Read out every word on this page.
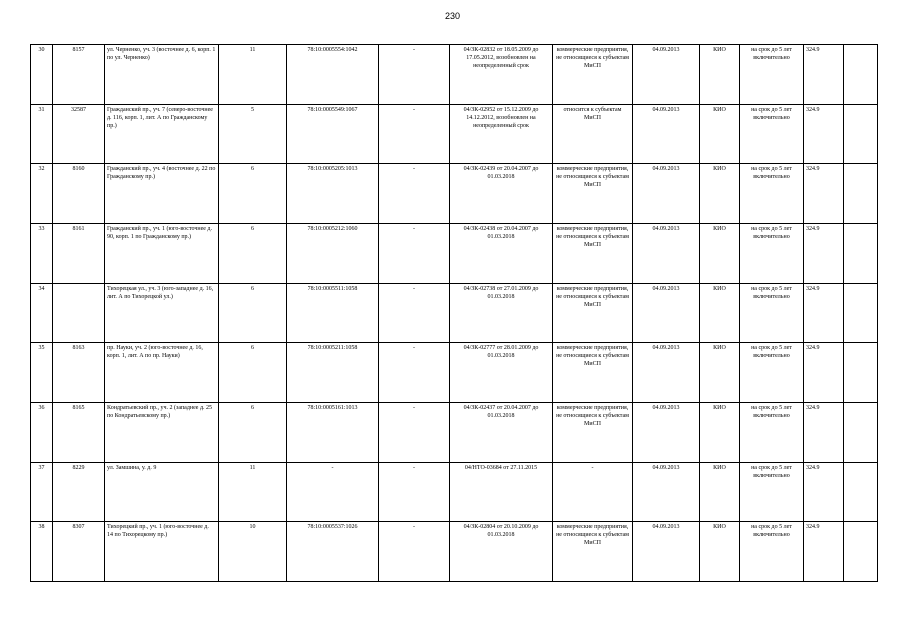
230
30	8157	ул. Черненко, уч. 3 (восточнее д. 6, корп. 1 по ул. Черненко)	11	78:10:0005554:1042	-	04/ЗК-02832 от 18.05.2009 до 17.05.2012, возобновлен на неопределенный срок	коммерческие предприятия, не относящиеся к субъектам МиСП	04.09.2013	КИО	на срок до 5 лет включительно	324.9	
31	32587	Гражданский пр., уч. 7 (северо-восточнее д. 116, корп. 1, лит. А по Гражданскому пр.)	5	78:10:0005549:1067	-	04/ЗК-02952 от 15.12.2009 до 14.12.2012, возобновлен на неопределенный срок	относится к субъектам МиСП	04.09.2013	КИО	на срок до 5 лет включительно	324.9	
32	8160	Гражданский пр., уч. 4 (восточнее д. 22 по Гражданскому пр.)	6	78:10:0005205:1013	-	04/ЗК-02439 от 20.04.2007 до 01.03.2018	коммерческие предприятия, не относящиеся к субъектам МиСП	04.09.2013	КИО	на срок до 5 лет включительно	324.9	
33	8161	Гражданский пр., уч. 1 (юго-восточнее д. 90, корп. 1 по Гражданскому пр.)	6	78:10:0005212:1060	-	04/ЗК-02438 от 20.04.2007 до 01.03.2018	коммерческие предприятия, не относящиеся к субъектам МиСП	04.09.2013	КИО	на срок до 5 лет включительно	324.9	
34		Тихорецкая ул., уч. 3 (юго-западнее д. 16, лит. А по Тихорецкой ул.)	6	78:10:0005511:1058	-	04/ЗК-02738 от 27.01.2009 до 01.03.2018	коммерческие предприятия, не относящиеся к субъектам МиСП	04.09.2013	КИО	на срок до 5 лет включительно	324.9	
35	8163	пр. Науки, уч. 2 (юго-восточнее д. 16, корп. 1, лит. А по пр. Науки)	6	78:10:0005211:1058	-	04/ЗК-02777 от 28.01.2009 до 01.03.2018	коммерческие предприятия, не относящиеся к субъектам МиСП	04.09.2013	КИО	на срок до 5 лет включительно	324.9	
36	8165	Кондратьевский пр., уч. 2 (западнее д. 25 по Кондратьевскому пр.)	6	78:10:0005161:1013	-	04/ЗК-02437 от 20.04.2007 до 01.03.2018	коммерческие предприятия, не относящиеся к субъектам МиСП	04.09.2013	КИО	на срок до 5 лет включительно	324.9	
37	8229	ул. Замшина, у. д. 9	11	-	-	04/НТО-03684 от 27.11.2015	-	04.09.2013	КИО	на срок до 5 лет включительно	324.9	
38	8307	Тихорецкий пр., уч. 1 (юго-восточнее д. 14 по Тихорецкому пр.)	10	78:10:0005537:1026	-	04/ЗК-02804 от 20.10.2009 до 01.03.2018	коммерческие предприятия, не относящиеся к субъектам МиСП	04.09.2013	КИО	на срок до 5 лет включительно	324.9	
